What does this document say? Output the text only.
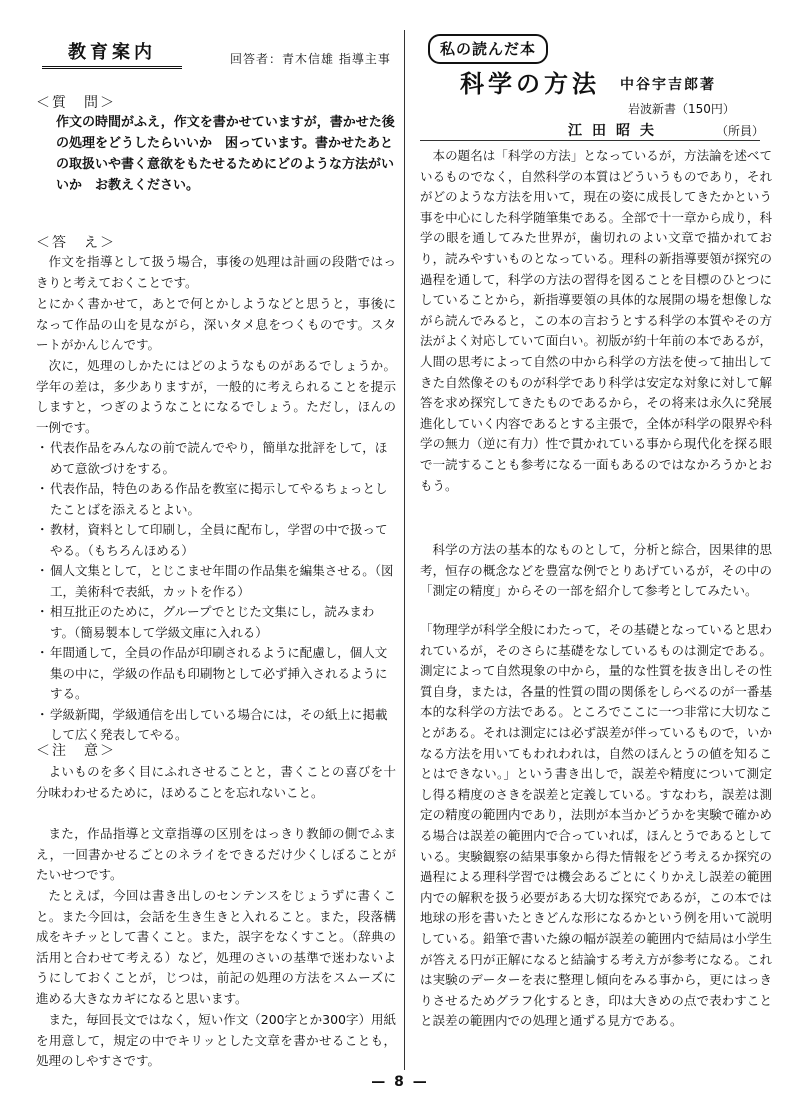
教育案内	回答者：青木信雄 指導主事
＜質　問＞
作文の時間がふえ，作文を書かせていますが，書かせた後の処理をどうしたらいいか　困っています。書かせたあとの取扱いや書く意欲をもたせるためにどのような方法がいいか　お教えください。
＜答　え＞
作文を指導として扱う場合，事後の処理は計画の段階ではっきりと考えておくことです。
とにかく書かせて，あとで何とかしようなどと思うと，事後になって作品の山を見ながら，深いタメ息をつくものです。スタートがかんじんです。
次に，処理のしかたにはどのようなものがあるでしょうか。学年の差は，多少ありますが，一般的に考えられることを提示しますと，つぎのようなことになるでしょう。ただし，ほんの一例です。
・ 代表作品をみんなの前で読んでやり，簡単な批評をして，ほめて意欲づけをする。
・ 代表作品，特色のある作品を教室に掲示してやるちょっとしたことばを添えるとよい。
・ 教材，資料として印刷し，全員に配布し，学習の中で扱ってやる。（もちろんほめる）
・ 個人文集として，とじこませ年間の作品集を編集させる。（図工，美術科で表紙，カットを作る）
・ 相互批正のために，グループでとじた文集にし，読みまわす。（簡易製本して学級文庫に入れる）
・ 年間通して，全員の作品が印刷されるように配慮し，個人文集の中に，学級の作品も印刷物として必ず挿入されるようにする。
・ 学級新聞，学級通信を出している場合には，その紙上に掲載して広く発表してやる。
＜注　意＞
よいものを多く目にふれさせることと，書くことの喜びを十分味わわせるために，ほめることを忘れないこと。
また，作品指導と文章指導の区別をはっきり教師の側でふまえ，一回書かせるごとのネライをできるだけ少くしぼることがたいせつです。
たとえば，今回は書き出しのセンテンスをじょうずに書くこと。また今回は，会話を生き生きと入れること。また，段落構成をキチッとして書くこと。また，誤字をなくすこと。（辞典の活用と合わせて考える）など，処理のさいの基準で迷わないようにしておくことが，じつは，前記の処理の方法をスムーズに進める大きなカギになると思います。
また，毎回長文ではなく，短い作文（200字とか300字）用紙を用意して，規定の中でキリッとした文章を書かせることも，処理のしやすさです。
私の読んだ本
科学の方法 中谷宇吉郎著
岩波新書（150円）
江田昭夫	（所員）
本の題名は「科学の方法」となっているが，方法論を述べているものでなく，自然科学の本質はどういうものであり，それがどのような方法を用いて，現在の姿に成長してきたかという事を中心にした科学随筆集である。全部で十一章から成り，科学の眼を通してみた世界が，歯切れのよい文章で描かれており，読みやすいものとなっている。理科の新指導要領が探究の過程を通して，科学の方法の習得を図ることを目標のひとつにしていることから，新指導要領の具体的な展開の場を想像しながら読んでみると，この本の言おうとする科学の本質やその方法がよく対応していて面白い。初版が約十年前の本であるが，人間の思考によって自然の中から科学の方法を使って抽出してきた自然像そのものが科学であり科学は安定な対象に対して解答を求め探究してきたものであるから，その将来は永久に発展進化していく内容であるとする主張で，全体が科学の限界や科学の無力（逆に有力）性で貫かれている事から現代化を探る眼で一読することも参考になる一面もあるのではなかろうかとおもう。
科学の方法の基本的なものとして，分析と綜合，因果律的思考，恒存の概念などを豊富な例でとりあげているが，その中の「測定の精度」からその一部を紹介して参考としてみたい。
「物理学が科学全般にわたって，その基礎となっていると思われているが，そのさらに基礎をなしているものは測定である。測定によって自然現象の中から，量的な性質を抜き出しその性質自身，または，各量的性質の間の関係をしらべるのが一番基本的な科学の方法である。ところでここに一つ非常に大切なことがある。それは測定には必ず誤差が伴っているもので，いかなる方法を用いてもわれわれは，自然のほんとうの値を知ることはできない。」という書き出しで，誤差や精度について測定し得る精度のさきを誤差と定義している。すなわち，誤差は測定の精度の範囲内であり，法則が本当かどうかを実験で確かめる場合は誤差の範囲内で合っていれば，ほんとうであるとしている。実験観察の結果事象から得た情報をどう考えるか探究の過程による理科学習では機会あるごとにくりかえし誤差の範囲内での解釈を扱う必要がある大切な探究であるが，この本では地球の形を書いたときどんな形になるかという例を用いて説明している。鉛筆で書いた線の幅が誤差の範囲内で結局は小学生が答える円が正解になると結論する考え方が参考になる。これは実験のデーターを表に整理し傾向をみる事から，更にはっきりさせるためグラフ化するとき，印は大きめの点で表わすことと誤差の範囲内での処理と通ずる見方である。
— 8 —
